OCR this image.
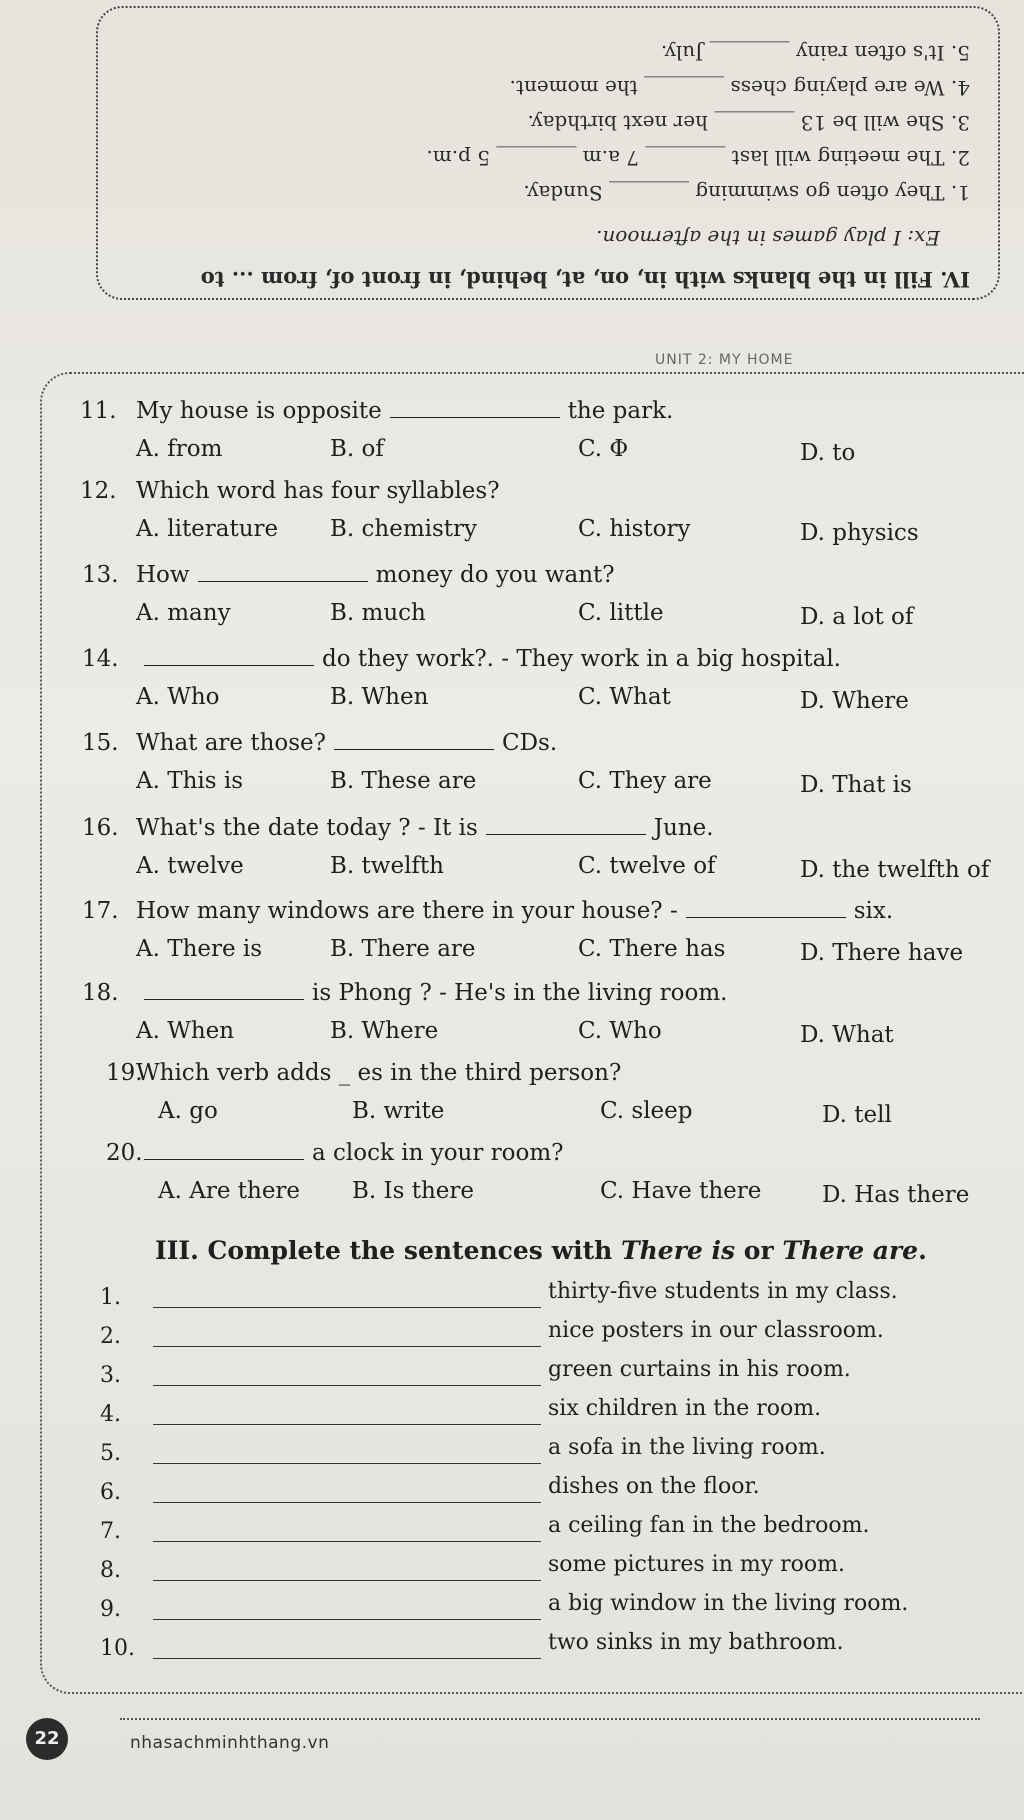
IV. Fill in the blanks with in, on, at, behind, in front of, from ... to
Ex: I play games in the afternoon.
1. They often go swimming ________ Sunday.
2. The meeting will last ________ 7 a.m ________ 5 p.m.
3. She will be 13 ________ her next birthday.
4. We are playing chess ________ the moment.
5. It's often rainy ________ July.
UNIT 2: MY HOME
11. My house is opposite	the park.
A. from	B. of	C. Φ	D. to
12. Which word has four syllables?
A. literature B. chemistry	C. history	D. physics
13. How	money do you want?
A. many	B. much	C. little	D. a lot of
14.	do they work?. - They work in a big hospital.
A. Who	B. When	C. What	D. Where
15. What are those?	CDs.
A. This is	B. These are	C. They are	D. That is
16. What's the date today ? - It is	June.
A. twelve	B. twelfth	C. twelve of	D. the twelfth of
17. How many windows are there in your house? -	six.
A. There is	B. There are	C. There has	D. There have
18.	is Phong ? - He's in the living room.
A. When	B. Where	C. Who	D. What
19.
Which verb adds _ es in the third person?
A. go	B. write	C. sleep	D. tell
20.	a clock in your room?
A. Are there B. Is there	C. Have there	D. Has there
III. Complete the sentences with There is or There are.
1.	thirty-five students in my class.
2.	nice posters in our classroom.
3.	green curtains in his room.
4.	six children in the room.
5.	a sofa in the living room.
6.	dishes on the floor.
7.	a ceiling fan in the bedroom.
8.	some pictures in my room.
9.	a big window in the living room.
10.	two sinks in my bathroom.
22	nhasachminhthang.vn
